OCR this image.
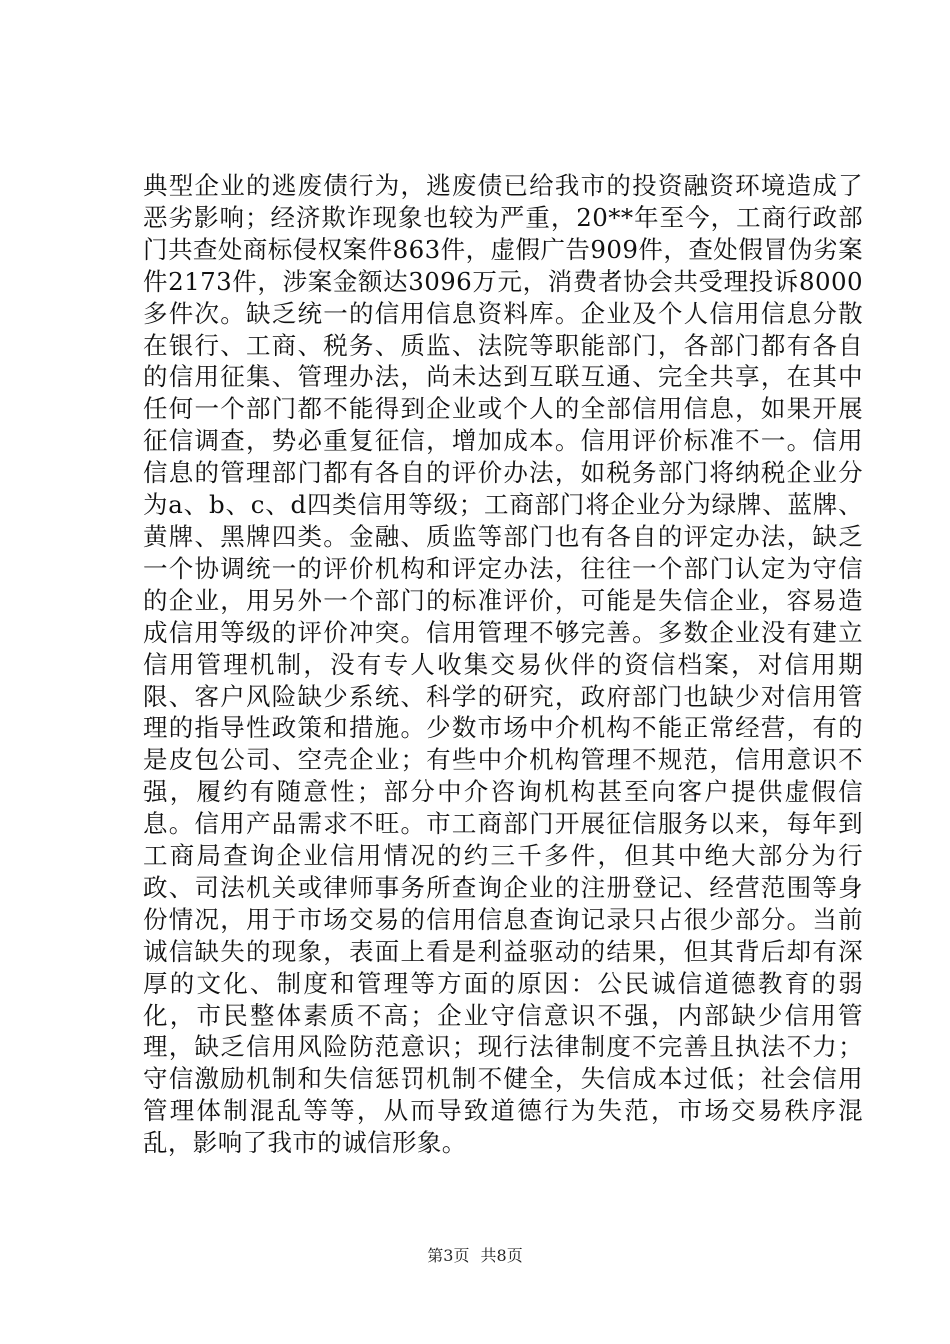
典型企业的逃废债行为，逃废债已给我市的投资融资环境造成了恶劣影响；经济欺诈现象也较为严重，20**年至今，工商行政部门共查处商标侵权案件863件，虚假广告909件，查处假冒伪劣案件2173件，涉案金额达3096万元，消费者协会共受理投诉8000多件次。缺乏统一的信用信息资料库。企业及个人信用信息分散在银行、工商、税务、质监、法院等职能部门，各部门都有各自的信用征集、管理办法，尚未达到互联互通、完全共享，在其中任何一个部门都不能得到企业或个人的全部信用信息，如果开展征信调查，势必重复征信，增加成本。信用评价标准不一。信用信息的管理部门都有各自的评价办法，如税务部门将纳税企业分为a、b、c、d四类信用等级；工商部门将企业分为绿牌、蓝牌、黄牌、黑牌四类。金融、质监等部门也有各自的评定办法，缺乏一个协调统一的评价机构和评定办法，往往一个部门认定为守信的企业，用另外一个部门的标准评价，可能是失信企业，容易造成信用等级的评价冲突。信用管理不够完善。多数企业没有建立信用管理机制，没有专人收集交易伙伴的资信档案，对信用期限、客户风险缺少系统、科学的研究，政府部门也缺少对信用管理的指导性政策和措施。少数市场中介机构不能正常经营，有的是皮包公司、空壳企业；有些中介机构管理不规范，信用意识不强，履约有随意性；部分中介咨询机构甚至向客户提供虚假信息。信用产品需求不旺。市工商部门开展征信服务以来，每年到工商局查询企业信用情况的约三千多件，但其中绝大部分为行政、司法机关或律师事务所查询企业的注册登记、经营范围等身份情况，用于市场交易的信用信息查询记录只占很少部分。当前诚信缺失的现象，表面上看是利益驱动的结果，但其背后却有深厚的文化、制度和管理等方面的原因：公民诚信道德教育的弱化，市民整体素质不高；企业守信意识不强，内部缺少信用管理，缺乏信用风险防范意识；现行法律制度不完善且执法不力；守信激励机制和失信惩罚机制不健全，失信成本过低；社会信用管理体制混乱等等，从而导致道德行为失范，市场交易秩序混乱，影响了我市的诚信形象。

第3页 共8页
